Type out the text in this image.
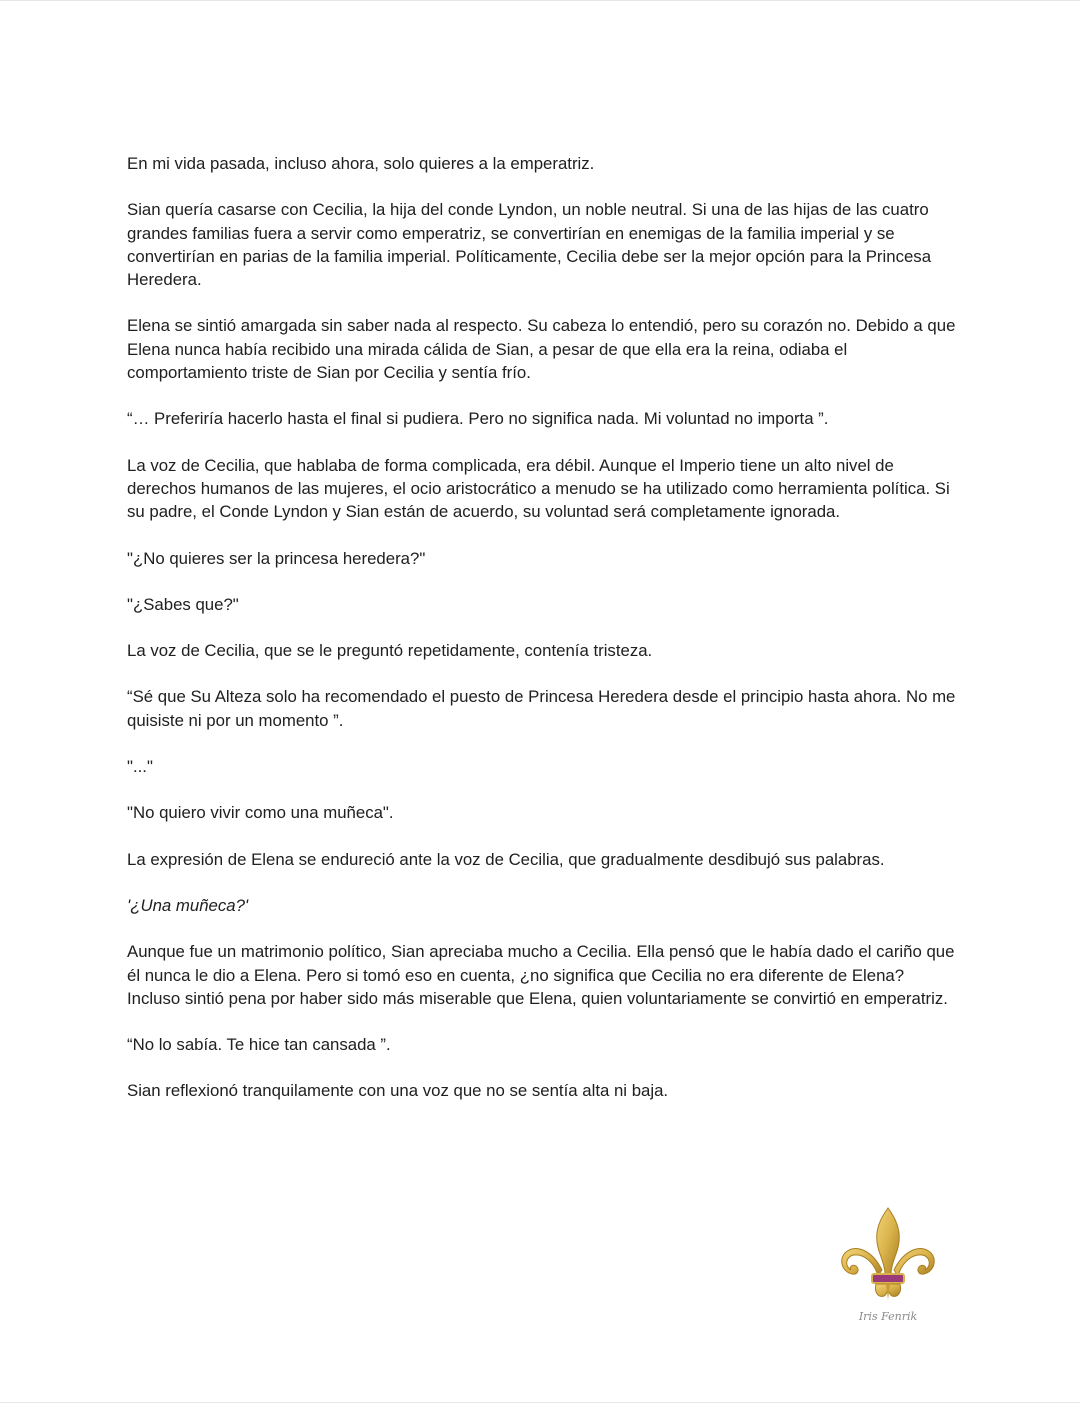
En mi vida pasada, incluso ahora, solo quieres a la emperatriz.

Sian quería casarse con Cecilia, la hija del conde Lyndon, un noble neutral. Si una de las hijas de las cuatro grandes familias fuera a servir como emperatriz, se convertirían en enemigas de la familia imperial y se convertirían en parias de la familia imperial. Políticamente, Cecilia debe ser la mejor opción para la Princesa Heredera.

Elena se sintió amargada sin saber nada al respecto. Su cabeza lo entendió, pero su corazón no. Debido a que Elena nunca había recibido una mirada cálida de Sian, a pesar de que ella era la reina, odiaba el comportamiento triste de Sian por Cecilia y sentía frío.

“… Preferiría hacerlo hasta el final si pudiera. Pero no significa nada. Mi voluntad no importa ”.

La voz de Cecilia, que hablaba de forma complicada, era débil. Aunque el Imperio tiene un alto nivel de derechos humanos de las mujeres, el ocio aristocrático a menudo se ha utilizado como herramienta política. Si su padre, el Conde Lyndon y Sian están de acuerdo, su voluntad será completamente ignorada.

"¿No quieres ser la princesa heredera?"

"¿Sabes que?"

La voz de Cecilia, que se le preguntó repetidamente, contenía tristeza.

“Sé que Su Alteza solo ha recomendado el puesto de Princesa Heredera desde el principio hasta ahora. No me quisiste ni por un momento ”.

"..."

"No quiero vivir como una muñeca".

La expresión de Elena se endureció ante la voz de Cecilia, que gradualmente desdibujó sus palabras.

'¿Una muñeca?'

Aunque fue un matrimonio político, Sian apreciaba mucho a Cecilia. Ella pensó que le había dado el cariño que él nunca le dio a Elena. Pero si tomó eso en cuenta, ¿no significa que Cecilia no era diferente de Elena? Incluso sintió pena por haber sido más miserable que Elena, quien voluntariamente se convirtió en emperatriz.

“No lo sabía. Te hice tan cansada ”.

Sian reflexionó tranquilamente con una voz que no se sentía alta ni baja.

Iris Fenrik
